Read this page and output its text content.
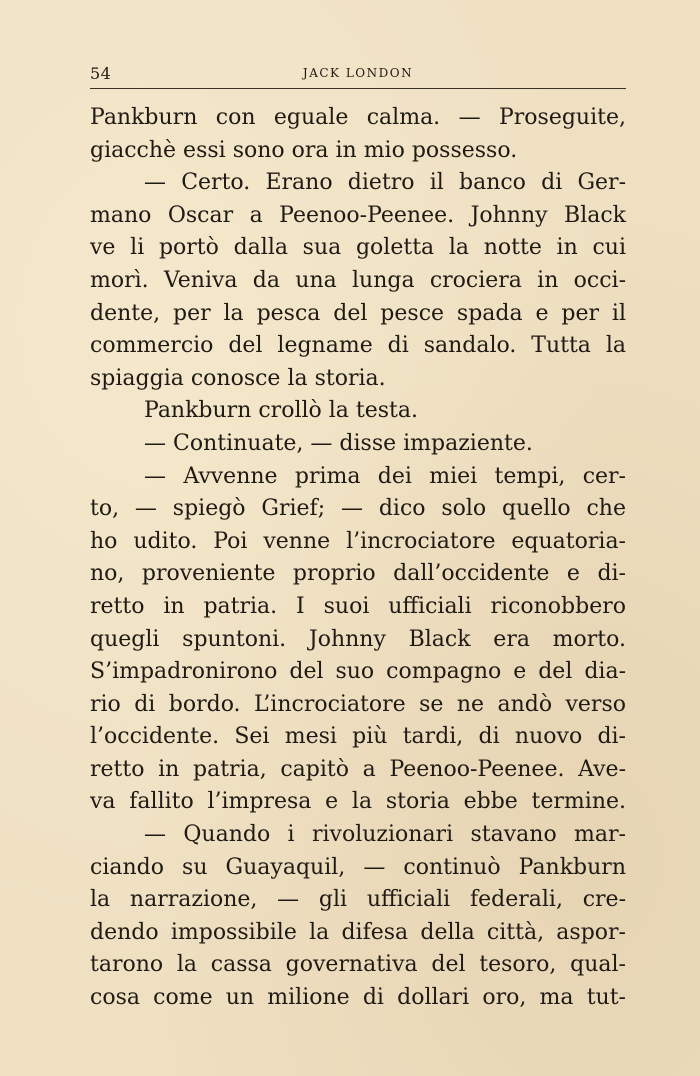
54	JACK LONDON
Pankburn con eguale calma. — Proseguite,
giacchè essi sono ora in mio possesso.
— Certo. Erano dietro il banco di Ger-
mano Oscar a Peenoo-Peenee. Johnny Black
ve li portò dalla sua goletta la notte in cui
morì. Veniva da una lunga crociera in occi-
dente, per la pesca del pesce spada e per il
commercio del legname di sandalo. Tutta la
spiaggia conosce la storia.
Pankburn crollò la testa.
— Continuate, — disse impaziente.
— Avvenne prima dei miei tempi, cer-
to, — spiegò Grief; — dico solo quello che
ho udito. Poi venne l’incrociatore equatoria-
no, proveniente proprio dall’occidente e di-
retto in patria. I suoi ufficiali riconobbero
quegli spuntoni. Johnny Black era morto.
S’impadronirono del suo compagno e del dia-
rio di bordo. L’incrociatore se ne andò verso
l’occidente. Sei mesi più tardi, di nuovo di-
retto in patria, capitò a Peenoo-Peenee. Ave-
va fallito l’impresa e la storia ebbe termine.
— Quando i rivoluzionari stavano mar-
ciando su Guayaquil, — continuò Pankburn
la narrazione, — gli ufficiali federali, cre-
dendo impossibile la difesa della città, aspor-
tarono la cassa governativa del tesoro, qual-
cosa come un milione di dollari oro, ma tut-
